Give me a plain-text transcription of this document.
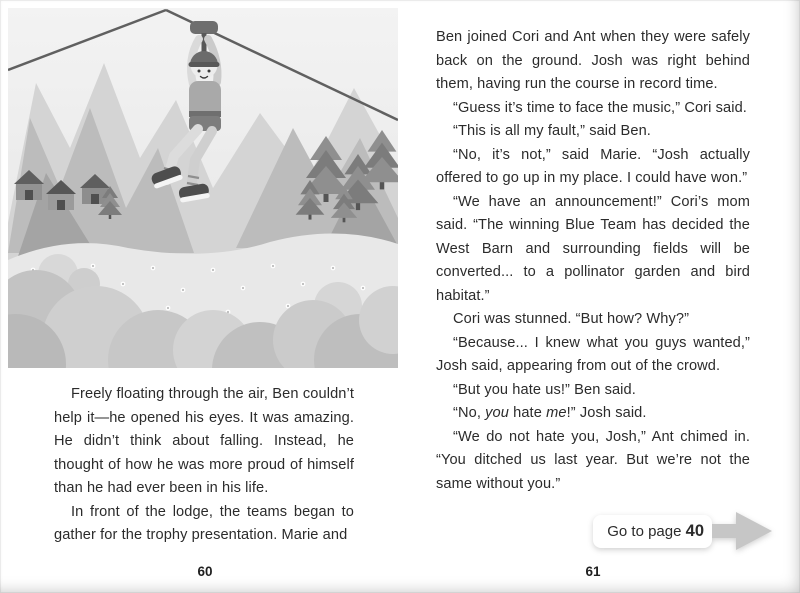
Freely floating through the air, Ben couldn’t help it—he opened his eyes. It was amazing. He didn’t think about falling. Instead, he thought of how he was more proud of himself than he had ever been in his life.

In front of the lodge, the teams began to gather for the trophy presentation. Marie and

60

Ben joined Cori and Ant when they were safely back on the ground. Josh was right behind them, having run the course in record time.

“Guess it’s time to face the music,” Cori said.

“This is all my fault,” said Ben.

“No, it’s not,” said Marie. “Josh actually offered to go up in my place. I could have won.”

“We have an announcement!” Cori’s mom said. “The winning Blue Team has decided the West Barn and surrounding fields will be converted... to a pollinator garden and bird habitat.”

Cori was stunned. “But how? Why?”

“Because... I knew what you guys wanted,” Josh said, appearing from out of the crowd.

“But you hate us!” Ben said.

“No, you hate me!” Josh said.

“We do not hate you, Josh,” Ant chimed in. “You ditched us last year. But we’re not the same without you.”

Go to page 40
61
